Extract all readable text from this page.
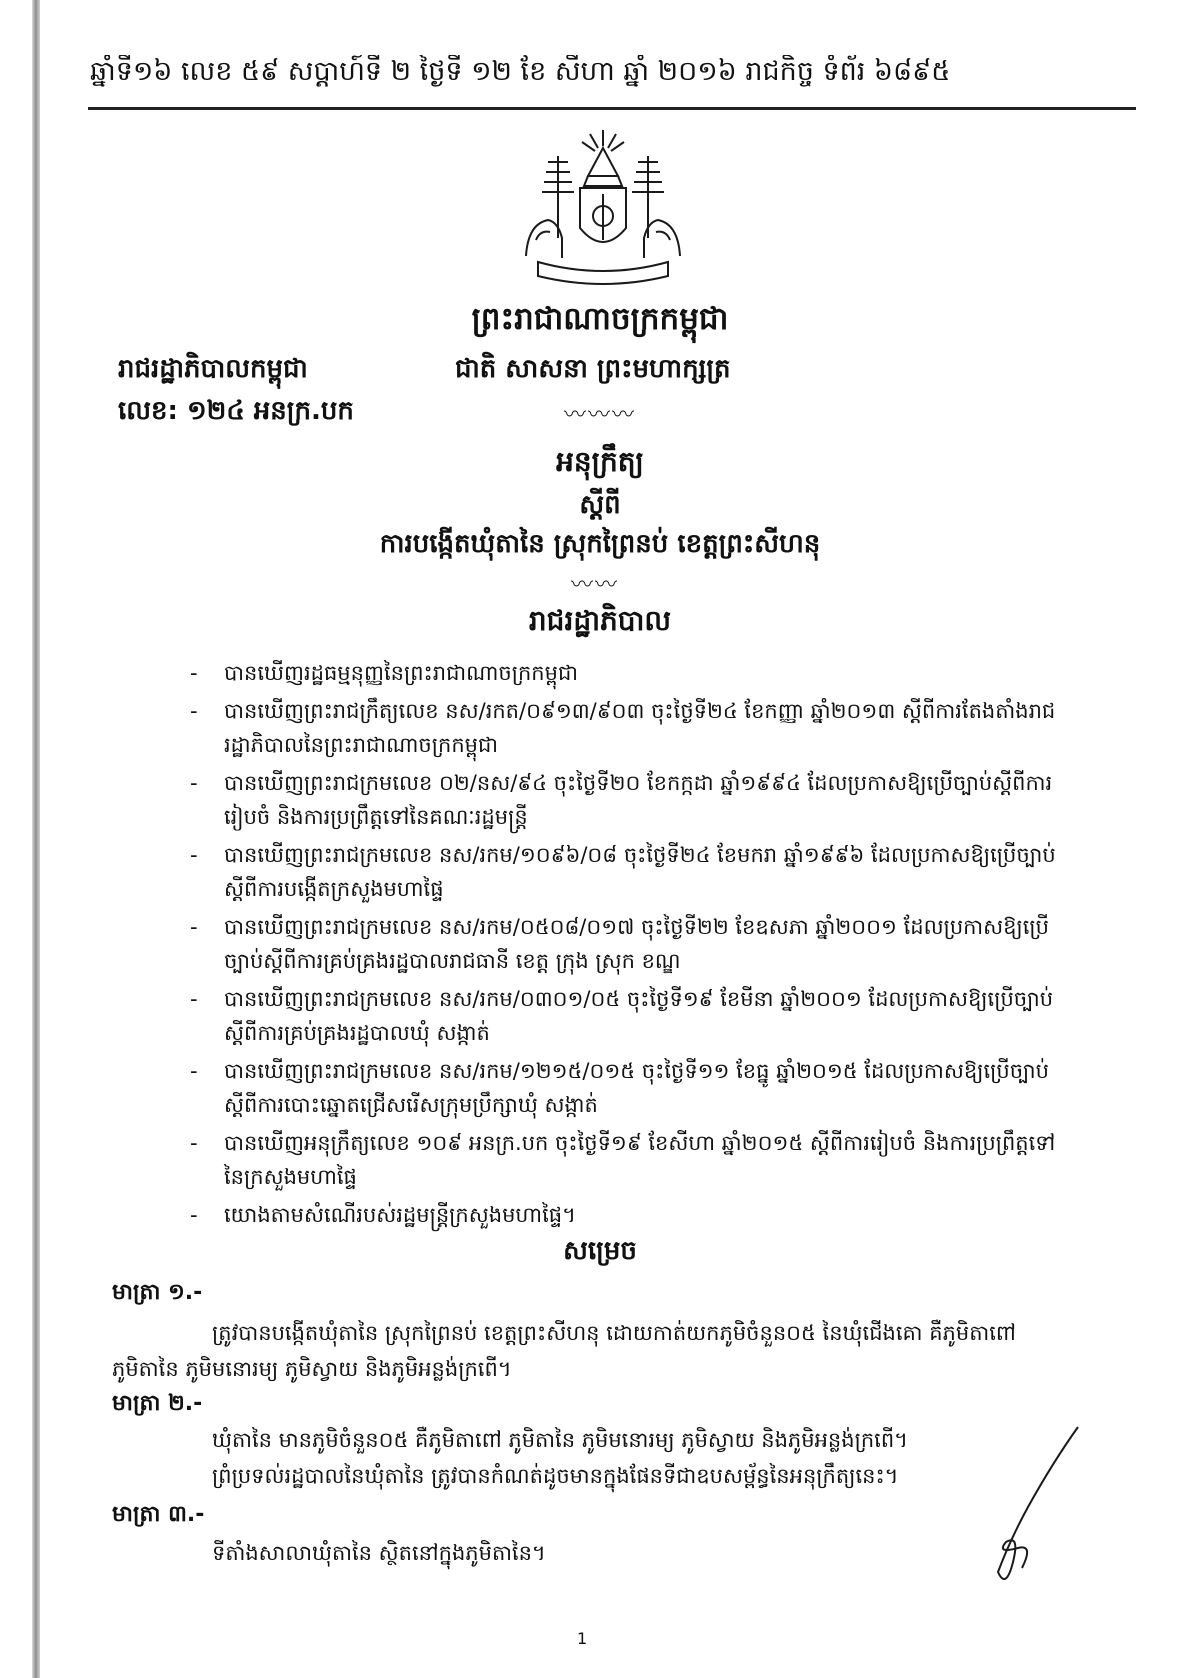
ឆ្នាំទី១៦ លេខ ៥៩ សប្តាហ៍ទី ២ ថ្ងៃទី ១២ ខែ សីហា ឆ្នាំ ២០១៦ រាជកិច្ច ទំព័រ ៦៨៩៥
ព្រះរាជាណាចក្រកម្ពុជា
រាជរដ្ឋាភិបាលកម្ពុជា	ជាតិ សាសនា ព្រះមហាក្សត្រ
លេខ: ១២៤ អនក្រ.បក	〰〰〰
អនុក្រឹត្យ
ស្តីពី
ការបង្កើតឃុំតានៃ ស្រុកព្រៃនប់ ខេត្តព្រះសីហនុ
〰〰
រាជរដ្ឋាភិបាល
- បានឃើញរដ្ឋធម្មនុញ្ញនៃព្រះរាជាណាចក្រកម្ពុជា
- បានឃើញព្រះរាជក្រឹត្យលេខ នស/រកត/០៩១៣/៩០៣ ចុះថ្ងៃទី២៤ ខែកញ្ញា ឆ្នាំ២០១៣ ស្តីពីការតែងតាំងរាជរដ្ឋាភិបាលនៃព្រះរាជាណាចក្រកម្ពុជា
- បានឃើញព្រះរាជក្រមលេខ ០២/នស/៩៤ ចុះថ្ងៃទី២០ ខែកក្កដា ឆ្នាំ១៩៩៤ ដែលប្រកាសឱ្យប្រើច្បាប់ស្តីពីការរៀបចំ និងការប្រព្រឹត្តទៅនៃគណៈរដ្ឋមន្ត្រី
- បានឃើញព្រះរាជក្រមលេខ នស/រកម/១០៩៦/០៨ ចុះថ្ងៃទី២៤ ខែមករា ឆ្នាំ១៩៩៦ ដែលប្រកាសឱ្យប្រើច្បាប់ស្តីពីការបង្កើតក្រសួងមហាផ្ទៃ
- បានឃើញព្រះរាជក្រមលេខ នស/រកម/០៥០៨/០១៧ ចុះថ្ងៃទី២២ ខែឧសភា ឆ្នាំ២០០១ ដែលប្រកាសឱ្យប្រើច្បាប់ស្តីពីការគ្រប់គ្រងរដ្ឋបាលរាជធានី ខេត្ត ក្រុង ស្រុក ខណ្ឌ
- បានឃើញព្រះរាជក្រមលេខ នស/រកម/០៣០១/០៥ ចុះថ្ងៃទី១៩ ខែមីនា ឆ្នាំ២០០១ ដែលប្រកាសឱ្យប្រើច្បាប់ស្តីពីការគ្រប់គ្រងរដ្ឋបាលឃុំ សង្កាត់
- បានឃើញព្រះរាជក្រមលេខ នស/រកម/១២១៥/០១៥ ចុះថ្ងៃទី១១ ខែធ្នូ ឆ្នាំ២០១៥ ដែលប្រកាសឱ្យប្រើច្បាប់ស្តីពីការបោះឆ្នោតជ្រើសរើសក្រុមប្រឹក្សាឃុំ សង្កាត់
- បានឃើញអនុក្រឹត្យលេខ ១០៩ អនក្រ.បក ចុះថ្ងៃទី១៩ ខែសីហា ឆ្នាំ២០១៥ ស្តីពីការរៀបចំ និងការប្រព្រឹត្តទៅនៃក្រសួងមហាផ្ទៃ
- យោងតាមសំណើរបស់រដ្ឋមន្ត្រីក្រសួងមហាផ្ទៃ។
សម្រេច
មាត្រា ១.-
ត្រូវបានបង្កើតឃុំតានៃ ស្រុកព្រៃនប់ ខេត្តព្រះសីហនុ ដោយកាត់យកភូមិចំនួន០៥ នៃឃុំជើងគោ គឺភូមិតាពៅ ភូមិតានៃ ភូមិមនោរម្យ ភូមិស្វាយ និងភូមិអន្លង់ក្រពើ។
មាត្រា ២.-
ឃុំតានៃ មានភូមិចំនួន០៥ គឺភូមិតាពៅ ភូមិតានៃ ភូមិមនោរម្យ ភូមិស្វាយ និងភូមិអន្លង់ក្រពើ។
ព្រំប្រទល់រដ្ឋបាលនៃឃុំតានៃ ត្រូវបានកំណត់ដូចមានក្នុងផែនទីជាឧបសម្ព័ន្ធនៃអនុក្រឹត្យនេះ។
មាត្រា ៣.-
ទីតាំងសាលាឃុំតានៃ ស្ថិតនៅក្នុងភូមិតានៃ។
1
